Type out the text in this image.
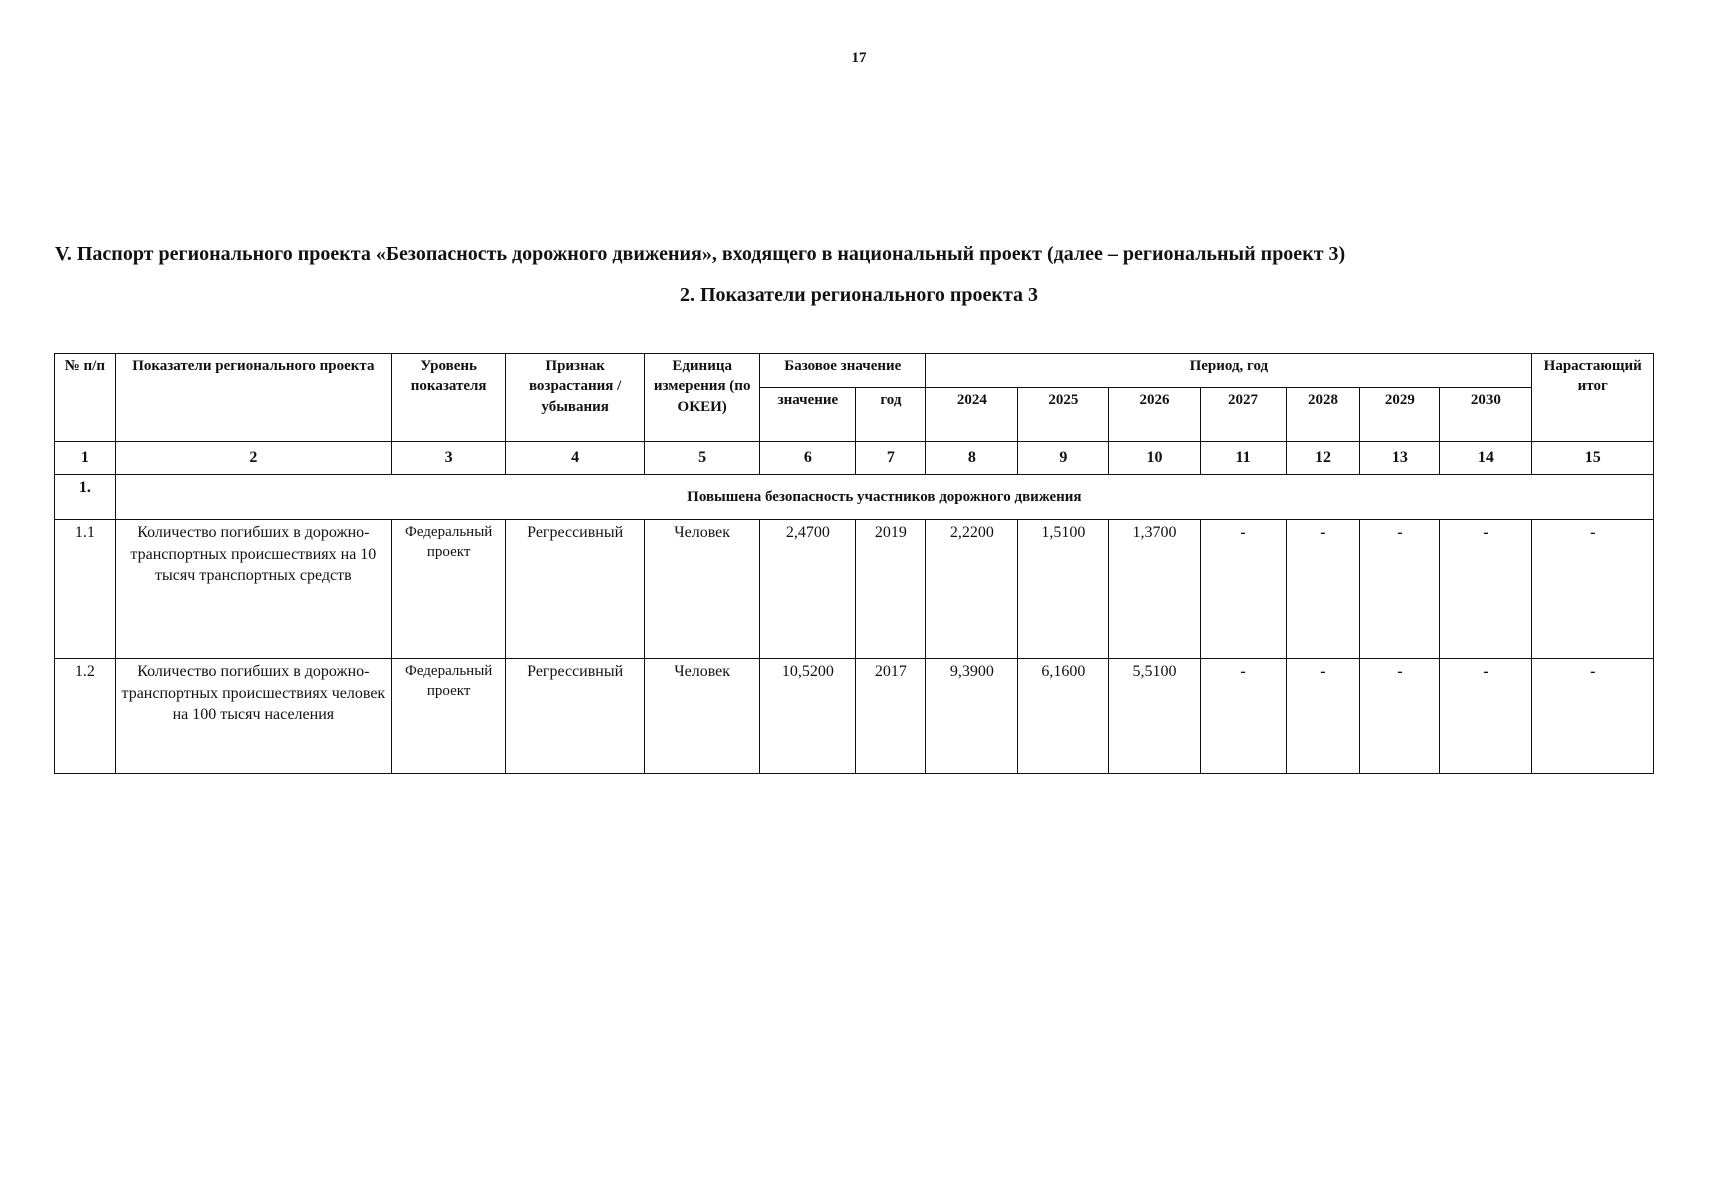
17
V. Паспорт регионального проекта «Безопасность дорожного движения», входящего в национальный проект (далее – региональный проект 3)
2. Показатели регионального проекта 3
№ п/п	Показатели регионального проекта	Уровень показателя	Признак возрастания / убывания	Единица измерения (по ОКЕИ)	Базовое значение		Период, год							Нарастающий итог
					значение	год	2024	2025	2026	2027	2028	2029	2030	
1	2	3	4	5	6	7	8	9	10	11	12	13	14	15
1.	Повышена безопасность участников дорожного движения													
1.1	Количество погибших в дорожно-транспортных происшествиях на 10 тысяч транспортных средств	Федеральный проект	Регрессивный	Человек	2,4700	2019	2,2200	1,5100	1,3700	-	-	-	-	-
1.2	Количество погибших в дорожно-транспортных происшествиях человек на 100 тысяч населения	Федеральный проект	Регрессивный	Человек	10,5200	2017	9,3900	6,1600	5,5100	-	-	-	-	-
